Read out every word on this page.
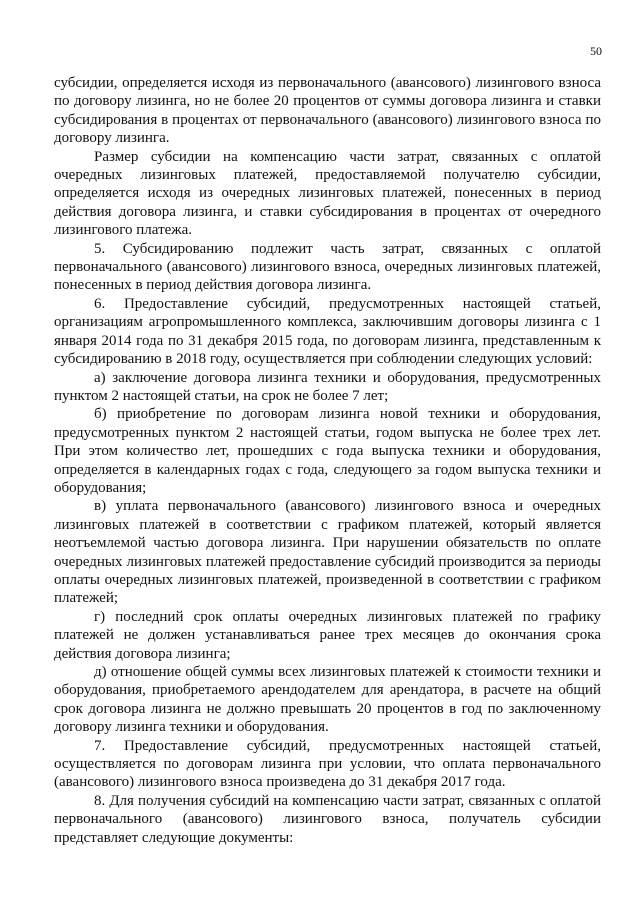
50

субсидии, определяется исходя из первоначального (авансового) лизингового взноса по договору лизинга, но не более 20 процентов от суммы договора лизинга и ставки субсидирования в процентах от первоначального (авансового) лизингового взноса по договору лизинга.

Размер субсидии на компенсацию части затрат, связанных с оплатой очередных лизинговых платежей, предоставляемой получателю субсидии, определяется исходя из очередных лизинговых платежей, понесенных в период действия договора лизинга, и ставки субсидирования в процентах от очередного лизингового платежа.

5. Субсидированию подлежит часть затрат, связанных с оплатой первоначального (авансового) лизингового взноса, очередных лизинговых платежей, понесенных в период действия договора лизинга.

6. Предоставление субсидий, предусмотренных настоящей статьей, организациям агропромышленного комплекса, заключившим договоры лизинга с 1 января 2014 года по 31 декабря 2015 года, по договорам лизинга, представленным к субсидированию в 2018 году, осуществляется при соблюдении следующих условий:

а) заключение договора лизинга техники и оборудования, предусмотренных пунктом 2 настоящей статьи, на срок не более 7 лет;

б) приобретение по договорам лизинга новой техники и оборудования, предусмотренных пунктом 2 настоящей статьи, годом выпуска не более трех лет. При этом количество лет, прошедших с года выпуска техники и оборудования, определяется в календарных годах с года, следующего за годом выпуска техники и оборудования;

в) уплата первоначального (авансового) лизингового взноса и очередных лизинговых платежей в соответствии с графиком платежей, который является неотъемлемой частью договора лизинга. При нарушении обязательств по оплате очередных лизинговых платежей предоставление субсидий производится за периоды оплаты очередных лизинговых платежей, произведенной в соответствии с графиком платежей;

г) последний срок оплаты очередных лизинговых платежей по графику платежей не должен устанавливаться ранее трех месяцев до окончания срока действия договора лизинга;

д) отношение общей суммы всех лизинговых платежей к стоимости техники и оборудования, приобретаемого арендодателем для арендатора, в расчете на общий срок договора лизинга не должно превышать 20 процентов в год по заключенному договору лизинга техники и оборудования.

7. Предоставление субсидий, предусмотренных настоящей статьей, осуществляется по договорам лизинга при условии, что оплата первоначального (авансового) лизингового взноса произведена до 31 декабря 2017 года.

8. Для получения субсидий на компенсацию части затрат, связанных с оплатой первоначального (авансового) лизингового взноса, получатель субсидии представляет следующие документы:
